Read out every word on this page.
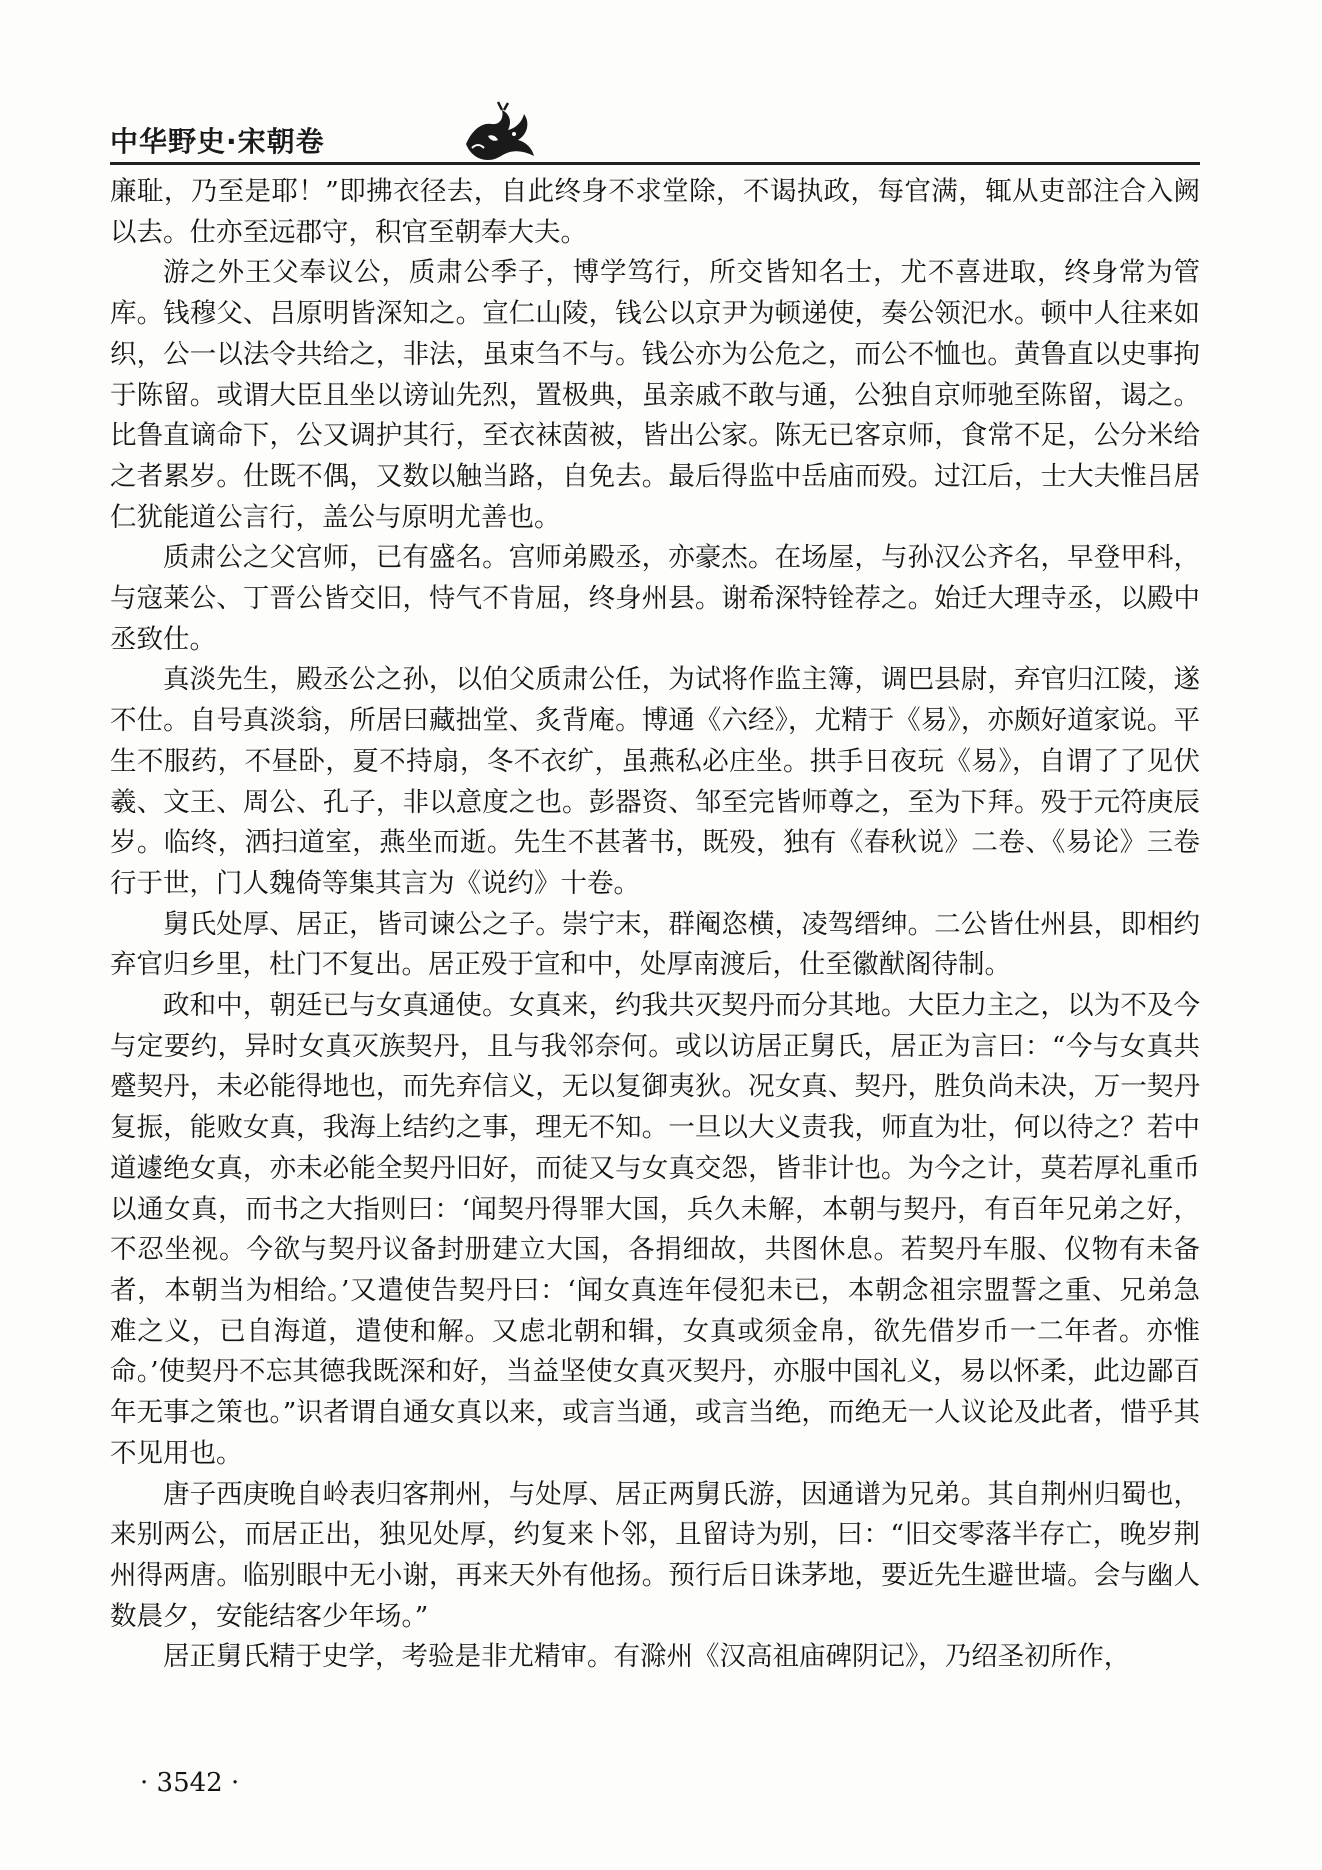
中华野史·宋朝卷

廉耻，乃至是耶！”即拂衣径去，自此终身不求堂除，不谒执政，每官满，辄从吏部注合入阙以去。仕亦至远郡守，积官至朝奉大夫。

游之外王父奉议公，质肃公季子，博学笃行，所交皆知名士，尤不喜进取，终身常为管库。钱穆父、吕原明皆深知之。宣仁山陵，钱公以京尹为顿递使，奏公领汜水。顿中人往来如织，公一以法令共给之，非法，虽束刍不与。钱公亦为公危之，而公不恤也。黄鲁直以史事拘于陈留。或谓大臣且坐以谤讪先烈，置极典，虽亲戚不敢与通，公独自京师驰至陈留，谒之。比鲁直谪命下，公又调护其行，至衣袜茵被，皆出公家。陈无已客京师，食常不足，公分米给之者累岁。仕既不偶，又数以触当路，自免去。最后得监中岳庙而殁。过江后，士大夫惟吕居仁犹能道公言行，盖公与原明尤善也。

质肃公之父宫师，已有盛名。宫师弟殿丞，亦豪杰。在场屋，与孙汉公齐名，早登甲科，与寇莱公、丁晋公皆交旧，恃气不肯屈，终身州县。谢希深特铨荐之。始迁大理寺丞，以殿中丞致仕。

真淡先生，殿丞公之孙，以伯父质肃公任，为试将作监主簿，调巴县尉，弃官归江陵，遂不仕。自号真淡翁，所居曰藏拙堂、炙背庵。博通《六经》，尤精于《易》，亦颇好道家说。平生不服药，不昼卧，夏不持扇，冬不衣纩，虽燕私必庄坐。拱手日夜玩《易》，自谓了了见伏羲、文王、周公、孔子，非以意度之也。彭器资、邹至完皆师尊之，至为下拜。殁于元符庚辰岁。临终，洒扫道室，燕坐而逝。先生不甚著书，既殁，独有《春秋说》二卷、《易论》三卷行于世，门人魏倚等集其言为《说约》十卷。

舅氏处厚、居正，皆司谏公之子。崇宁末，群阉恣横，凌驾缙绅。二公皆仕州县，即相约弃官归乡里，杜门不复出。居正殁于宣和中，处厚南渡后，仕至徽猷阁待制。

政和中，朝廷已与女真通使。女真来，约我共灭契丹而分其地。大臣力主之，以为不及今与定要约，异时女真灭族契丹，且与我邻奈何。或以访居正舅氏，居正为言曰：“今与女真共蹙契丹，未必能得地也，而先弃信义，无以复御夷狄。况女真、契丹，胜负尚未决，万一契丹复振，能败女真，我海上结约之事，理无不知。一旦以大义责我，师直为壮，何以待之？若中道遽绝女真，亦未必能全契丹旧好，而徒又与女真交怨，皆非计也。为今之计，莫若厚礼重币以通女真，而书之大指则曰：‘闻契丹得罪大国，兵久未解，本朝与契丹，有百年兄弟之好，不忍坐视。今欲与契丹议备封册建立大国，各捐细故，共图休息。若契丹车服、仪物有未备者，本朝当为相给。’又遣使告契丹曰：‘闻女真连年侵犯未已，本朝念祖宗盟誓之重、兄弟急难之义，已自海道，遣使和解。又虑北朝和辑，女真或须金帛，欲先借岁币一二年者。亦惟命。’使契丹不忘其德我既深和好，当益坚使女真灭契丹，亦服中国礼义，易以怀柔，此边鄙百年无事之策也。”识者谓自通女真以来，或言当通，或言当绝，而绝无一人议论及此者，惜乎其不见用也。

唐子西庚晚自岭表归客荆州，与处厚、居正两舅氏游，因通谱为兄弟。其自荆州归蜀也，来别两公，而居正出，独见处厚，约复来卜邻，且留诗为别，曰：“旧交零落半存亡，晚岁荆州得两唐。临别眼中无小谢，再来天外有他扬。预行后日诛茅地，要近先生避世墙。会与幽人数晨夕，安能结客少年场。”

居正舅氏精于史学，考验是非尤精审。有滁州《汉高祖庙碑阴记》，乃绍圣初所作，

· 3542 ·
